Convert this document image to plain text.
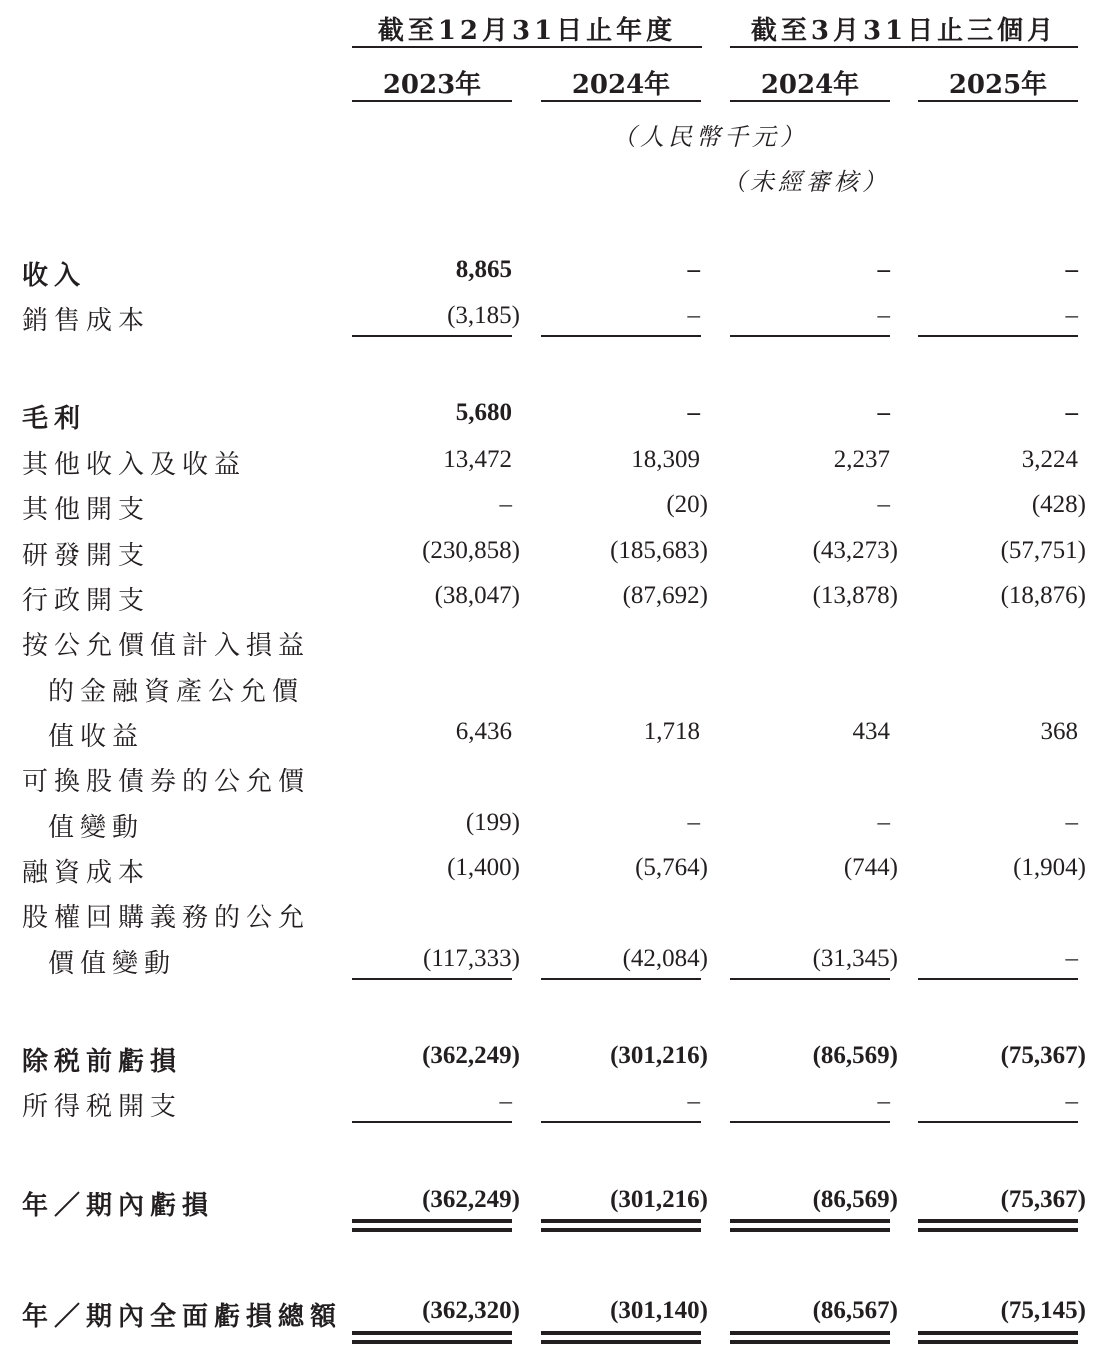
截至12月31日止年度	截至3月31日止三個月
2023年	2024年	2024年	2025年
（人民幣千元）
（未經審核）
收入	8,865	–	–	–
銷售成本	(3,185)	–	–	–
毛利	5,680	–	–	–
其他收入及收益	13,472	18,309	2,237	3,224
其他開支	–	(20)	–	(428)
研發開支	(230,858)	(185,683)	(43,273)	(57,751)
行政開支	(38,047)	(87,692)	(13,878)	(18,876)
按公允價值計入損益
的金融資產公允價
值收益	6,436	1,718	434	368
可換股債券的公允價
值變動	(199)	–	–	–
融資成本	(1,400)	(5,764)	(744)	(1,904)
股權回購義務的公允
價值變動	(117,333)	(42,084)	(31,345)	–
除税前虧損	(362,249)	(301,216)	(86,569)	(75,367)
所得税開支	–	–	–	–
年／期內虧損	(362,249)	(301,216)	(86,569)	(75,367)
年／期內全面虧損總額	(362,320)	(301,140)	(86,567)	(75,145)
